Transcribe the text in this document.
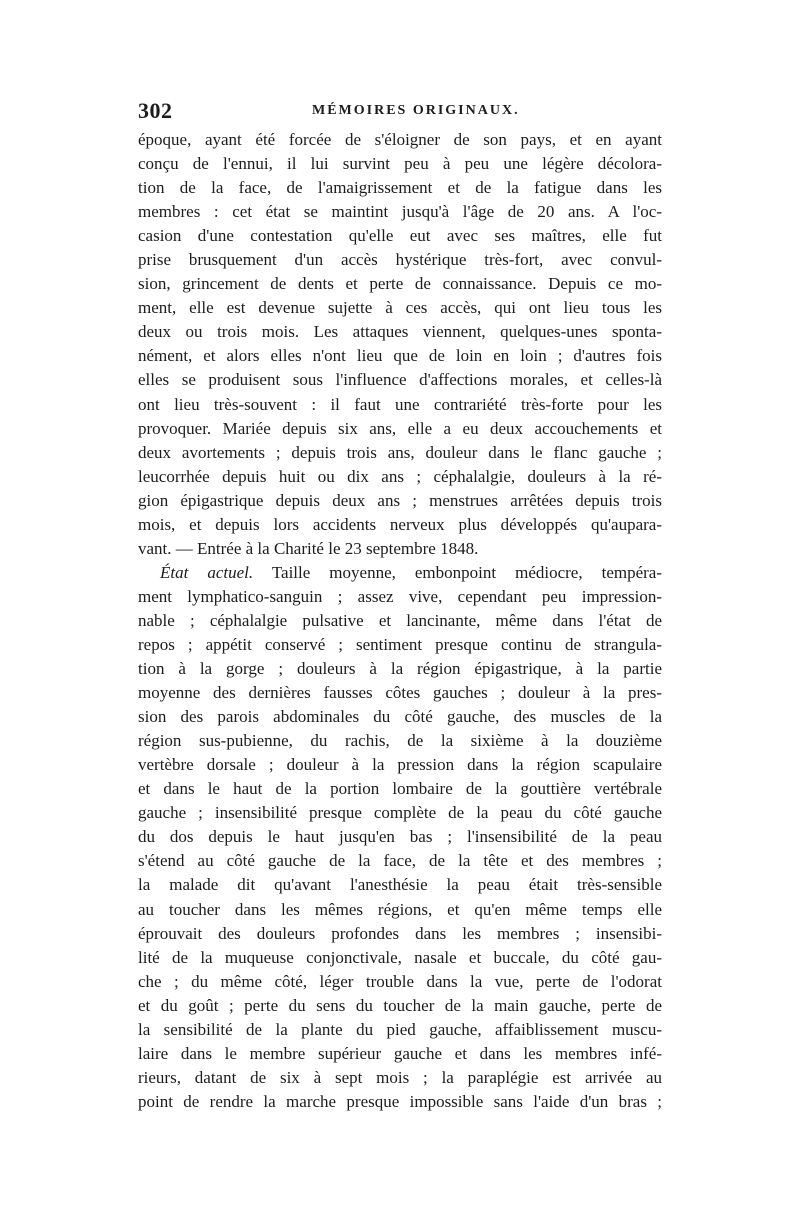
302	MÉMOIRES ORIGINAUX.

époque, ayant été forcée de s'éloigner de son pays, et en ayant

conçu de l'ennui, il lui survint peu à peu une légère décolora-

tion de la face, de l'amaigrissement et de la fatigue dans les

membres : cet état se maintint jusqu'à l'âge de 20 ans. A l'oc-

casion d'une contestation qu'elle eut avec ses maîtres, elle fut

prise brusquement d'un accès hystérique très-fort, avec convul-

sion, grincement de dents et perte de connaissance. Depuis ce mo-

ment, elle est devenue sujette à ces accès, qui ont lieu tous les

deux ou trois mois. Les attaques viennent, quelques-unes sponta-

nément, et alors elles n'ont lieu que de loin en loin ; d'autres fois

elles se produisent sous l'influence d'affections morales, et celles-là

ont lieu très-souvent : il faut une contrariété très-forte pour les

provoquer. Mariée depuis six ans, elle a eu deux accouchements et

deux avortements ; depuis trois ans, douleur dans le flanc gauche ;

leucorrhée depuis huit ou dix ans ; céphalalgie, douleurs à la ré-

gion épigastrique depuis deux ans ; menstrues arrêtées depuis trois

mois, et depuis lors accidents nerveux plus développés qu'aupara-

vant. — Entrée à la Charité le 23 septembre 1848.

État actuel. Taille moyenne, embonpoint médiocre, tempéra-

ment lymphatico-sanguin ; assez vive, cependant peu impression-

nable ; céphalalgie pulsative et lancinante, même dans l'état de

repos ; appétit conservé ; sentiment presque continu de strangula-

tion à la gorge ; douleurs à la région épigastrique, à la partie

moyenne des dernières fausses côtes gauches ; douleur à la pres-

sion des parois abdominales du côté gauche, des muscles de la

région sus-pubienne, du rachis, de la sixième à la douzième

vertèbre dorsale ; douleur à la pression dans la région scapulaire

et dans le haut de la portion lombaire de la gouttière vertébrale

gauche ; insensibilité presque complète de la peau du côté gauche

du dos depuis le haut jusqu'en bas ; l'insensibilité de la peau

s'étend au côté gauche de la face, de la tête et des membres ;

la malade dit qu'avant l'anesthésie la peau était très-sensible

au toucher dans les mêmes régions, et qu'en même temps elle

éprouvait des douleurs profondes dans les membres ; insensibi-

lité de la muqueuse conjonctivale, nasale et buccale, du côté gau-

che ; du même côté, léger trouble dans la vue, perte de l'odorat

et du goût ; perte du sens du toucher de la main gauche, perte de

la sensibilité de la plante du pied gauche, affaiblissement muscu-

laire dans le membre supérieur gauche et dans les membres infé-

rieurs, datant de six à sept mois ; la paraplégie est arrivée au

point de rendre la marche presque impossible sans l'aide d'un bras ;
